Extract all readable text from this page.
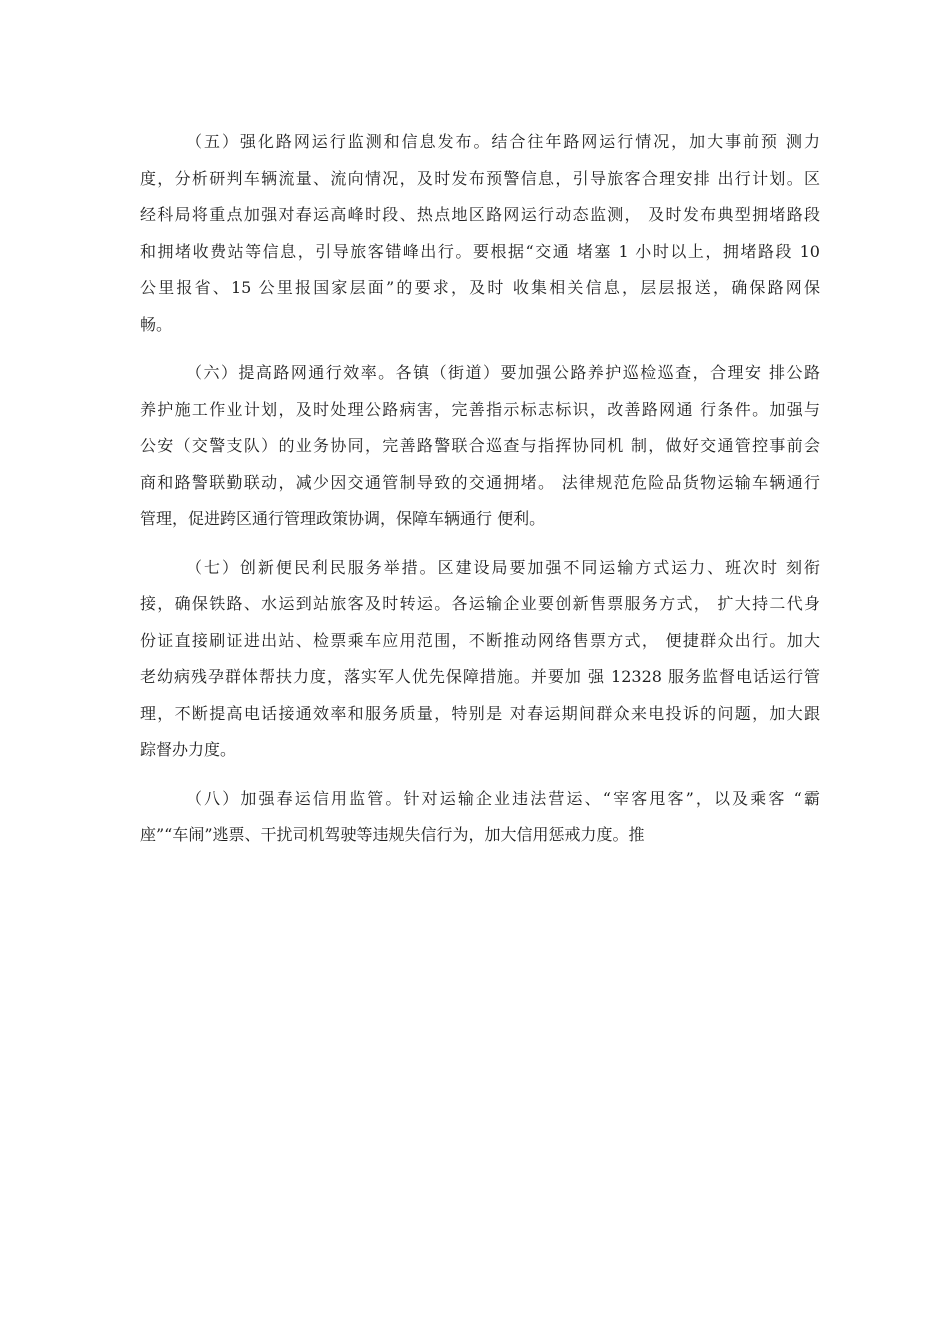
（五）强化路网运行监测和信息发布。结合往年路网运行情况，加大事前预 测力
度，分析研判车辆流量、流向情况，及时发布预警信息，引导旅客合理安排 出行计划。区
经科局将重点加强对春运高峰时段、热点地区路网运行动态监测， 及时发布典型拥堵路段
和拥堵收费站等信息，引导旅客错峰出行。要根据“交通 堵塞 1 小时以上，拥堵路段 10
公里报省、15 公里报国家层面”的要求，及时 收集相关信息，层层报送，确保路网保
畅。
（六）提高路网通行效率。各镇（街道）要加强公路养护巡检巡查，合理安 排公路
养护施工作业计划，及时处理公路病害，完善指示标志标识，改善路网通 行条件。加强与
公安（交警支队）的业务协同，完善路警联合巡查与指挥协同机 制，做好交通管控事前会
商和路警联勤联动，减少因交通管制导致的交通拥堵。 法律规范危险品货物运输车辆通行
管理，促进跨区通行管理政策协调，保障车辆通行 便利。
（七）创新便民利民服务举措。区建设局要加强不同运输方式运力、班次时 刻衔
接，确保铁路、水运到站旅客及时转运。各运输企业要创新售票服务方式， 扩大持二代身
份证直接刷证进出站、检票乘车应用范围，不断推动网络售票方式， 便捷群众出行。加大
老幼病残孕群体帮扶力度，落实军人优先保障措施。并要加 强 12328 服务监督电话运行管
理，不断提高电话接通效率和服务质量，特别是 对春运期间群众来电投诉的问题，加大跟
踪督办力度。
（八）加强春运信用监管。针对运输企业违法营运、“宰客甩客”，以及乘客 “霸
座”“车闹”逃票、干扰司机驾驶等违规失信行为，加大信用惩戒力度。推
